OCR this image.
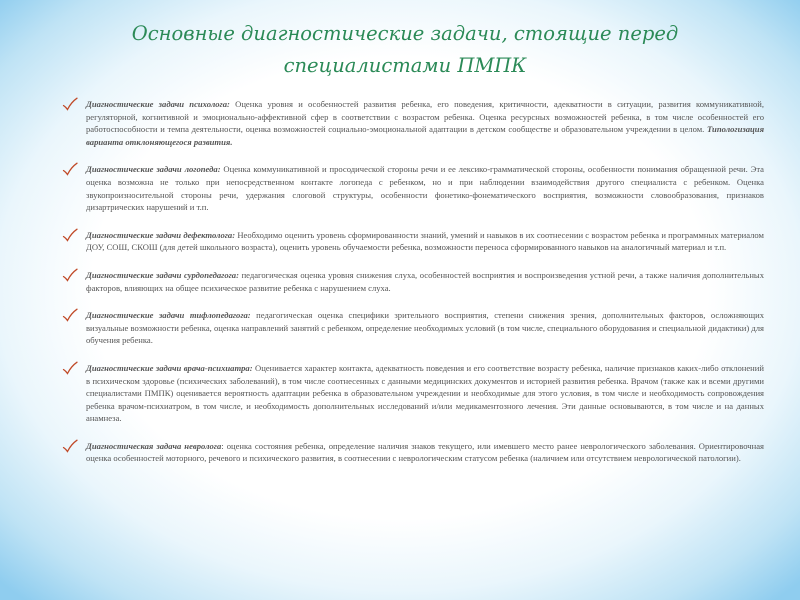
Основные диагностические задачи, стоящие перед специалистами ПМПК
Диагностические задачи психолога: Оценка уровня и особенностей развития ребенка, его поведения, критичности, адекватности в ситуации, развития коммуникативной, регуляторной, когнитивной и эмоционально-аффективной сфер в соответствии с возрастом ребенка. Оценка ресурсных возможностей ребенка, в том числе особенностей его работоспособности и темпа деятельности, оценка возможностей социально-эмоциональной адаптации в детском сообществе и образовательном учреждении в целом. Типологизация варианта отклоняющегося развития.
Диагностические задачи логопеда: Оценка коммуникативной и просодической стороны речи и ее лексико-грамматической стороны, особенности понимания обращенной речи. Эта оценка возможна не только при непосредственном контакте логопеда с ребенком, но и при наблюдении взаимодействия другого специалиста с ребенком. Оценка звукопроизносительной стороны речи, удержания слоговой структуры, особенности фонетико-фонематического восприятия, возможности словообразования, признаков дизартрических нарушений и т.п.
Диагностические задачи дефектолога: Необходимо оценить уровень сформированности знаний, умений и навыков в их соотнесении с возрастом ребенка и программных материалом ДОУ, СОШ, СКОШ (для детей школьного возраста), оценить уровень обучаемости ребенка, возможности переноса сформированного навыков на аналогичный материал и т.п.
Диагностические задачи сурдопедагога: педагогическая оценка уровня снижения слуха, особенностей восприятия и воспроизведения устной речи, а также наличия дополнительных факторов, влияющих на общее психическое развитие ребенка с нарушением слуха.
Диагностические задачи тифлопедагога: педагогическая оценка специфики зрительного восприятия, степени снижения зрения, дополнительных факторов, осложняющих визуальные возможности ребенка, оценка направлений занятий с ребенком, определение необходимых условий (в том числе, специального оборудования и специальной дидактики) для обучения ребенка.
Диагностические задачи врача-психиатра: Оценивается характер контакта, адекватность поведения и его соответствие возрасту ребенка, наличие признаков каких-либо отклонений в психическом здоровье (психических заболеваний), в том числе соотнесенных с данными медицинских документов и историей развития ребенка. Врачом (также как и всеми другими специалистами ПМПК) оценивается вероятность адаптации ребенка в образовательном учреждении и необходимые для этого условия, в том числе и необходимость сопровождения ребенка врачом-психиатром, в том числе, и необходимость дополнительных исследований и/или медикаментозного лечения. Эти данные основываются, в том числе и на данных анамнеза.
Диагностическая задача невролога: оценка состояния ребенка, определение наличия знаков текущего, или имевшего место ранее неврологического заболевания. Ориентировочная оценка особенностей моторного, речевого и психического развития, в соотнесении с неврологическим статусом ребенка (наличием или отсутствием неврологической патологии).
